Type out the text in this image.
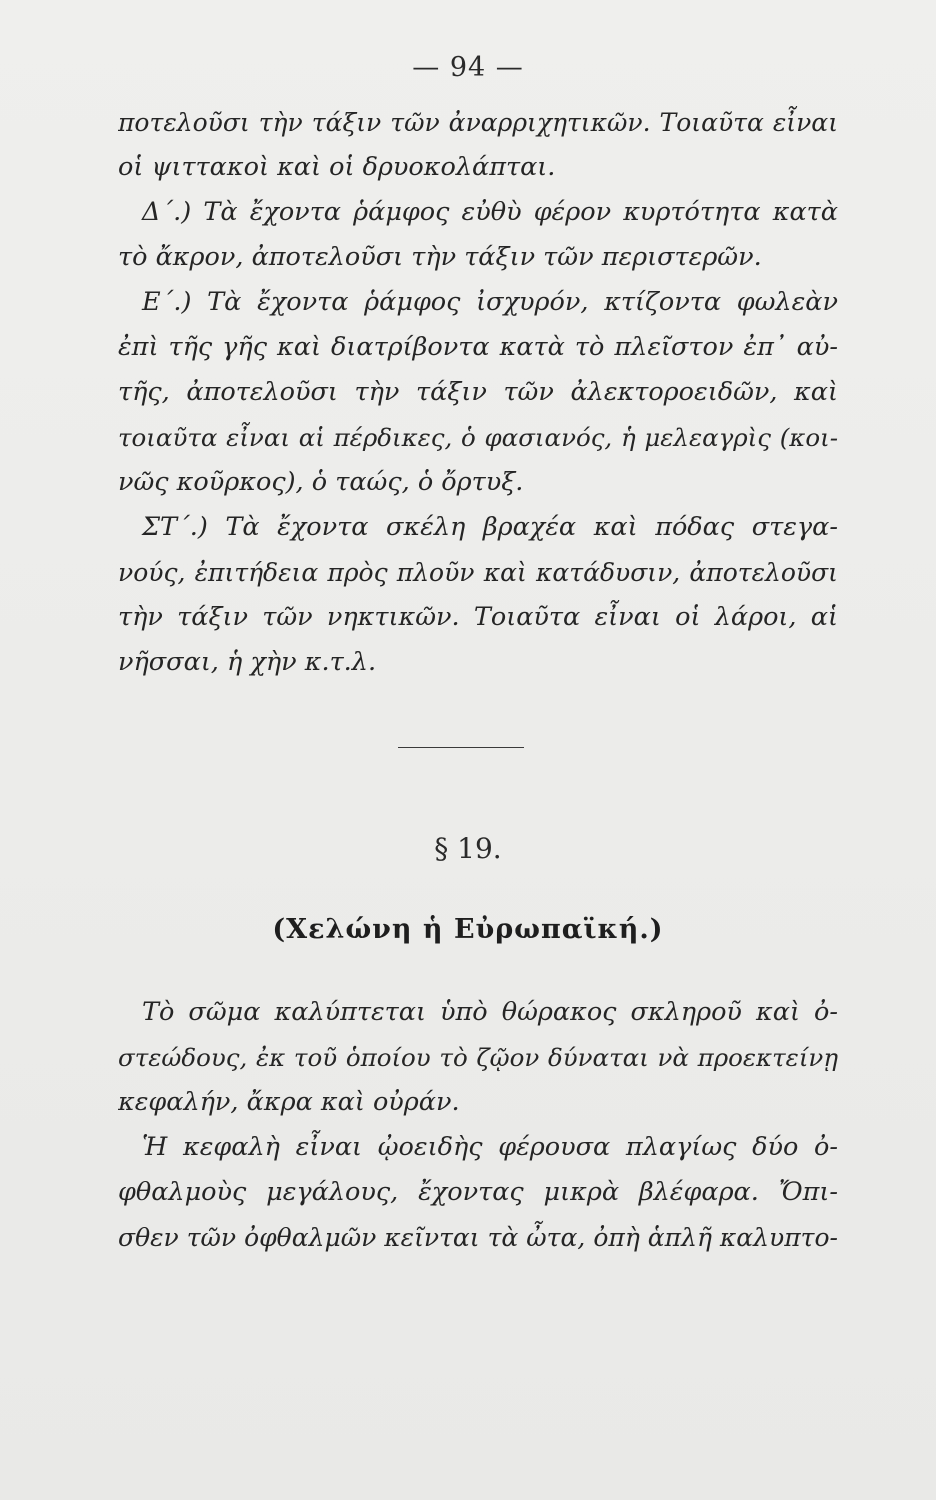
— 94 —
ποτελοῦσι τὴν τάξιν τῶν ἀναρριχητικῶν. Τοιαῦτα εἶναι
οἱ ψιττακοὶ καὶ οἱ δρυοκολάπται.
Δ΄.) Τὰ ἔχοντα ῥάμφος εὐθὺ φέρον κυρτότητα κατὰ
τὸ ἄκρον, ἀποτελοῦσι τὴν τάξιν τῶν περιστερῶν.
Ε΄.) Τὰ ἔχοντα ῥάμφος ἰσχυρόν, κτίζοντα φωλεὰν
ἐπὶ τῆς γῆς καὶ διατρίβοντα κατὰ τὸ πλεῖστον ἐπ᾽ αὐ-
τῆς, ἀποτελοῦσι τὴν τάξιν τῶν ἀλεκτοροειδῶν, καὶ
τοιαῦτα εἶναι αἱ πέρδικες, ὁ φασιανός, ἡ μελεαγρὶς (κοι-
νῶς κοῦρκος), ὁ ταώς, ὁ ὄρτυξ.
ΣΤ΄.) Τὰ ἔχοντα σκέλη βραχέα καὶ πόδας στεγα-
νούς, ἐπιτήδεια πρὸς πλοῦν καὶ κατάδυσιν, ἀποτελοῦσι
τὴν τάξιν τῶν νηκτικῶν. Τοιαῦτα εἶναι οἱ λάροι, αἱ
νῆσσαι, ἡ χὴν κ.τ.λ.
§ 19.
(Χελώνη ἡ Εὐρωπαϊκή.)
Τὸ σῶμα καλύπτεται ὑπὸ θώρακος σκληροῦ καὶ ὀ-
στεώδους, ἐκ τοῦ ὁποίου τὸ ζῷον δύναται νὰ προεκτείνῃ
κεφαλήν, ἄκρα καὶ οὐράν.
Ἡ κεφαλὴ εἶναι ᾠοειδὴς φέρουσα πλαγίως δύο ὀ-
φθαλμοὺς μεγάλους, ἔχοντας μικρὰ βλέφαρα. Ὄπι-
σθεν τῶν ὀφθαλμῶν κεῖνται τὰ ὦτα, ὀπὴ ἁπλῆ καλυπτο-
